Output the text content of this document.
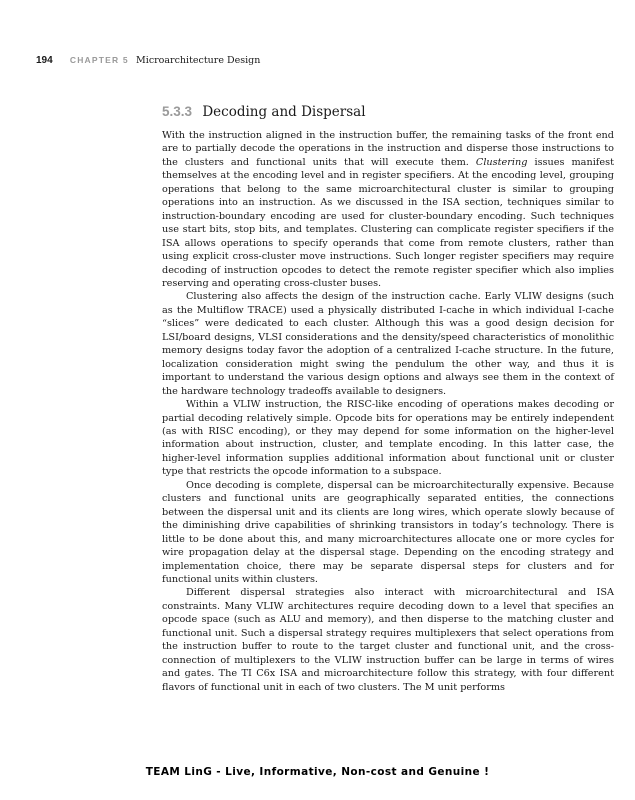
194 CHAPTER 5 Microarchitecture Design
5.3.3 Decoding and Dispersal

With the instruction aligned in the instruction buffer, the remaining tasks of the front end are to partially decode the operations in the instruction and disperse those instructions to the clusters and functional units that will execute them. Clustering issues manifest themselves at the encoding level and in register specifiers. At the encoding level, grouping operations that belong to the same microarchitectural cluster is similar to grouping operations into an instruction. As we discussed in the ISA section, techniques similar to instruction-boundary encoding are used for cluster-boundary encoding. Such techniques use start bits, stop bits, and templates. Clustering can complicate register specifiers if the ISA allows operations to specify operands that come from remote clusters, rather than using explicit cross-cluster move instructions. Such longer register specifiers may require decoding of instruction opcodes to detect the remote register specifier which also implies reserving and operating cross-cluster buses.

Clustering also affects the design of the instruction cache. Early VLIW designs (such as the Multiflow TRACE) used a physically distributed I-cache in which individual I-cache “slices” were dedicated to each cluster. Although this was a good design decision for LSI/board designs, VLSI considerations and the density/speed characteristics of monolithic memory designs today favor the adoption of a centralized I-cache structure. In the future, localization consideration might swing the pendulum the other way, and thus it is important to understand the various design options and always see them in the context of the hardware technology tradeoffs available to designers.

Within a VLIW instruction, the RISC-like encoding of operations makes decoding or partial decoding relatively simple. Opcode bits for operations may be entirely independent (as with RISC encoding), or they may depend for some information on the higher-level information about instruction, cluster, and template encoding. In this latter case, the higher-level information supplies additional information about functional unit or cluster type that restricts the opcode information to a subspace.

Once decoding is complete, dispersal can be microarchitecturally expensive. Because clusters and functional units are geographically separated entities, the connections between the dispersal unit and its clients are long wires, which operate slowly because of the diminishing drive capabilities of shrinking transistors in today’s technology. There is little to be done about this, and many microarchitectures allocate one or more cycles for wire propagation delay at the dispersal stage. Depending on the encoding strategy and implementation choice, there may be separate dispersal steps for clusters and for functional units within clusters.

Different dispersal strategies also interact with microarchitectural and ISA constraints. Many VLIW architectures require decoding down to a level that specifies an opcode space (such as ALU and memory), and then disperse to the matching cluster and functional unit. Such a dispersal strategy requires multiplexers that select operations from the instruction buffer to route to the target cluster and functional unit, and the cross-connection of multiplexers to the VLIW instruction buffer can be large in terms of wires and gates. The TI C6x ISA and microarchitecture follow this strategy, with four different flavors of functional unit in each of two clusters. The M unit performs

TEAM LinG - Live, Informative, Non-cost and Genuine !
